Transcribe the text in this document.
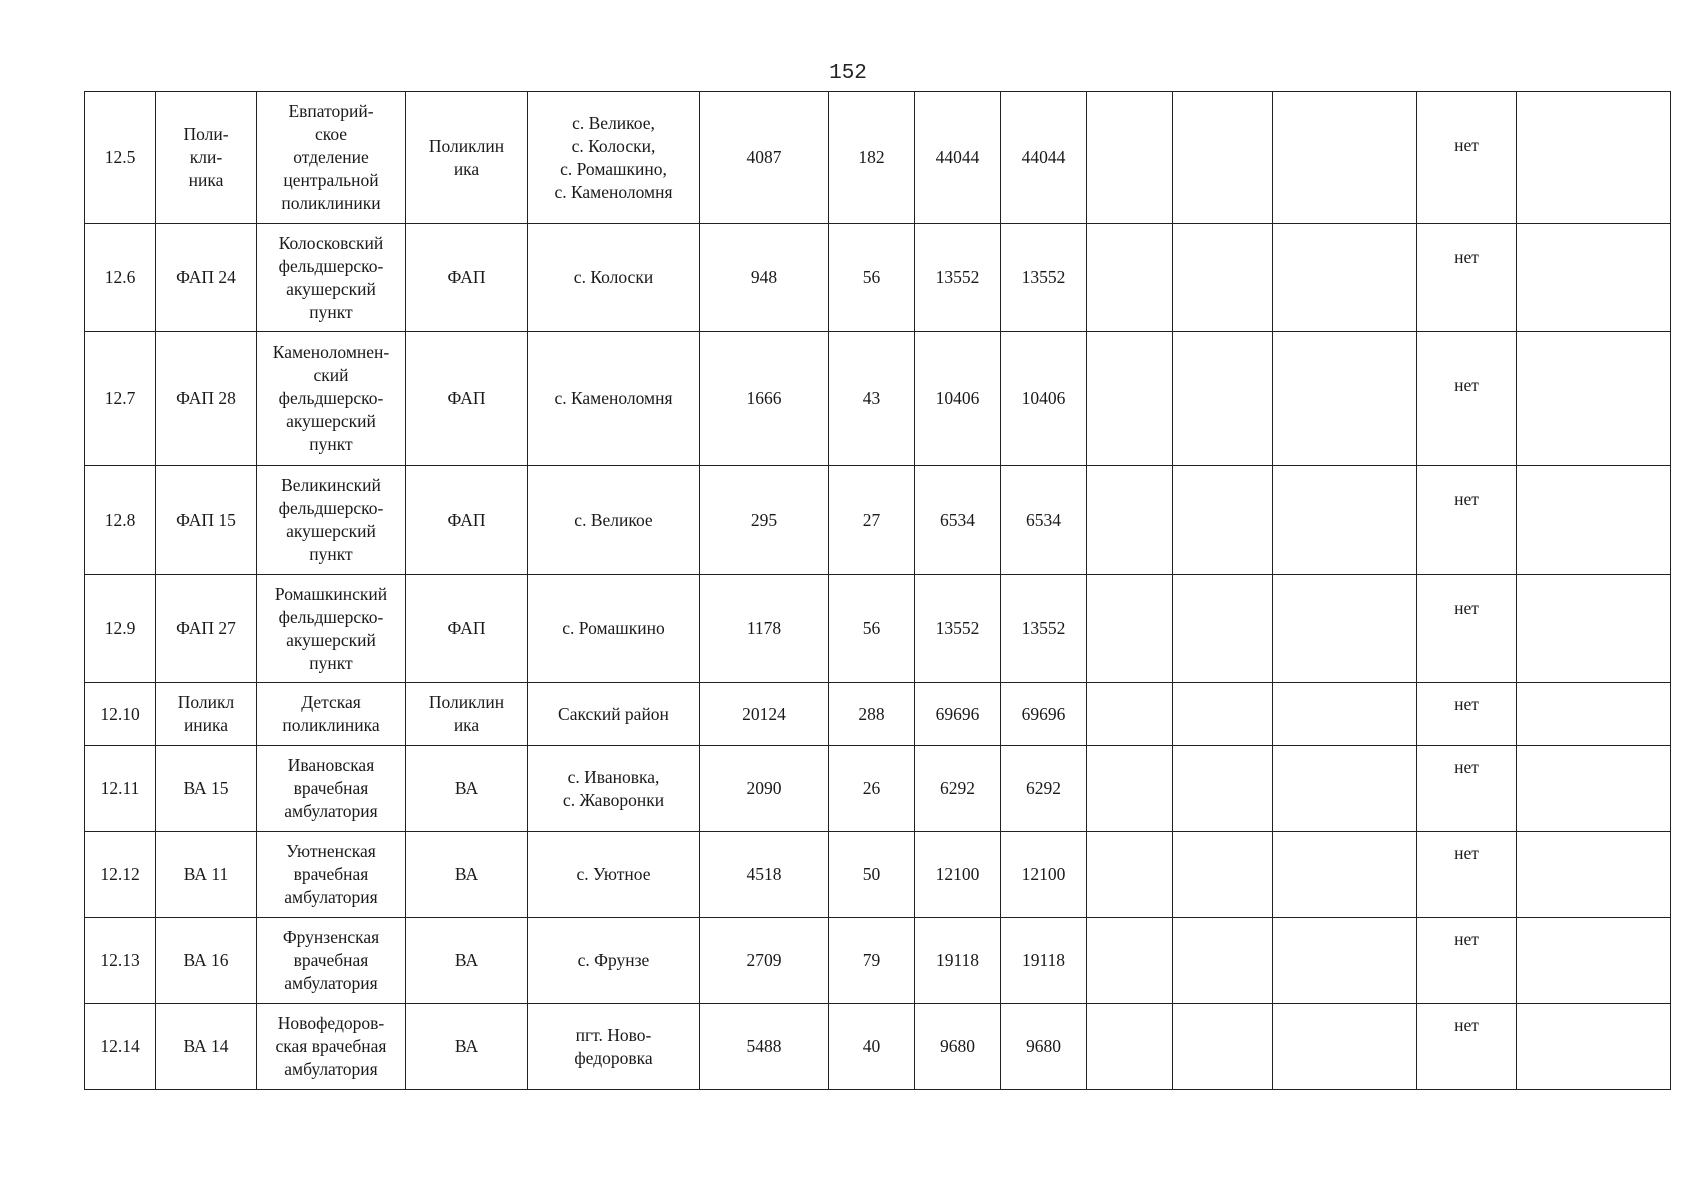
152
12.5	Поли-
кли-
ника	Евпаторий-
ское
отделение
центральной
поликлиники	Поликлин
ика	с. Великое,
с. Колоски,
с. Ромашкино,
с. Каменоломня	4087	182	44044	44044				нет	
12.6	ФАП 24	Колосковский
фельдшерско-
акушерский
пункт	ФАП	с. Колоски	948	56	13552	13552				нет	
12.7	ФАП 28	Каменоломнен-
ский
фельдшерско-
акушерский
пункт	ФАП	с. Каменоломня	1666	43	10406	10406				нет	
12.8	ФАП 15	Великинский
фельдшерско-
акушерский
пункт	ФАП	с. Великое	295	27	6534	6534				нет	
12.9	ФАП 27	Ромашкинский
фельдшерско-
акушерский
пункт	ФАП	с. Ромашкино	1178	56	13552	13552				нет	
12.10	Поликл
иника	Детская
поликлиника	Поликлин
ика	Сакский район	20124	288	69696	69696				нет	
12.11	ВА 15	Ивановская
врачебная
амбулатория	ВА	с. Ивановка,
с. Жаворонки	2090	26	6292	6292				нет	
12.12	ВА 11	Уютненская
врачебная
амбулатория	ВА	с. Уютное	4518	50	12100	12100				нет	
12.13	ВА 16	Фрунзенская
врачебная
амбулатория	ВА	с. Фрунзе	2709	79	19118	19118				нет	
12.14	ВА 14	Новофедоров-
ская врачебная
амбулатория	ВА	пгт. Ново-
федоровка	5488	40	9680	9680				нет	
